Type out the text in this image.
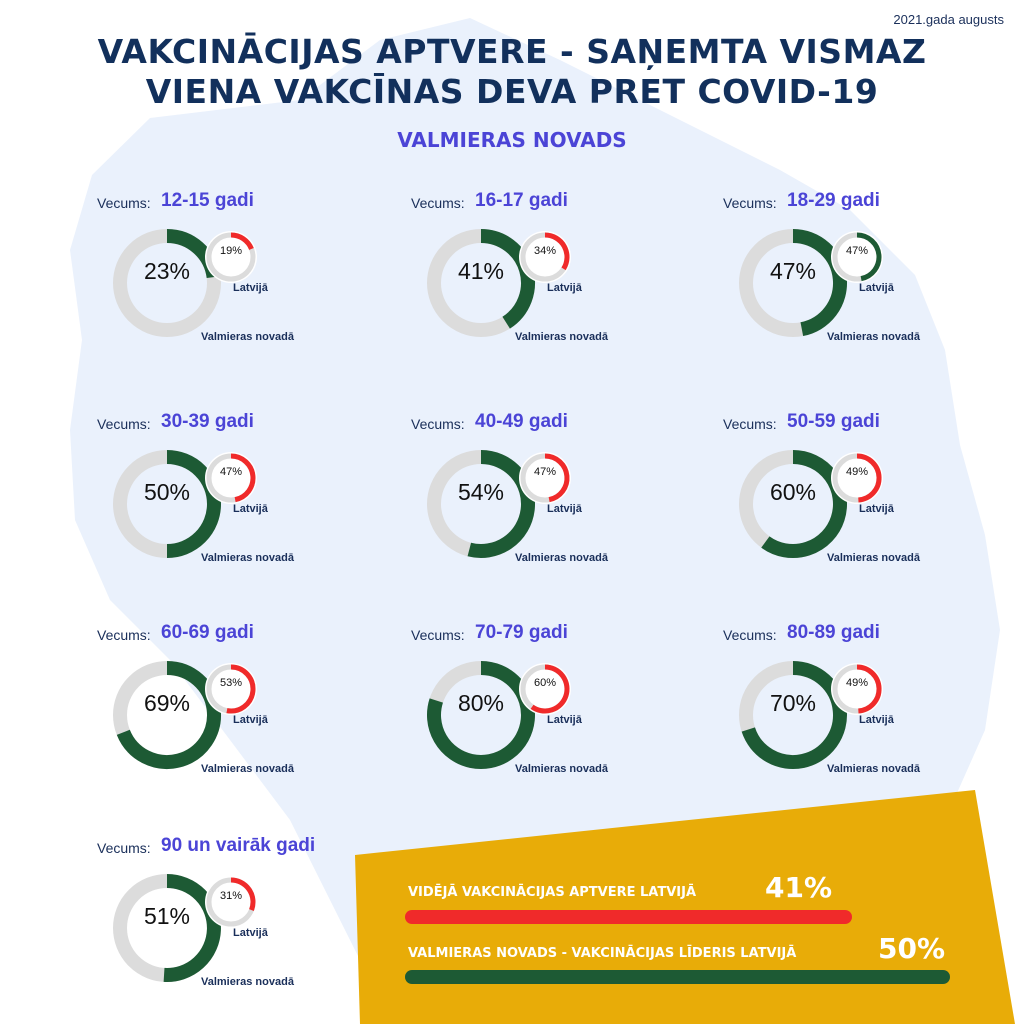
2021.gada augusts
VAKCINĀCIJAS APTVERE - SAŅEMTA VISMAZ
VIENA VAKCĪNAS DEVA PRET COVID-19
VALMIERAS NOVADS
Vecums: 12-15 gadi
23%
19%
Latvijā
Valmieras novadā
Vecums: 16-17 gadi
41%
34%
Latvijā
Valmieras novadā
Vecums: 18-29 gadi
47%
47%
Latvijā
Valmieras novadā
Vecums: 30-39 gadi
50%
47%
Latvijā
Valmieras novadā
Vecums: 40-49 gadi
54%
47%
Latvijā
Valmieras novadā
Vecums: 50-59 gadi
60%
49%
Latvijā
Valmieras novadā
Vecums: 60-69 gadi
69%
53%
Latvijā
Valmieras novadā
Vecums: 70-79 gadi
80%
60%
Latvijā
Valmieras novadā
Vecums: 80-89 gadi
70%
49%
Latvijā
Valmieras novadā
Vecums: 90 un vairāk gadi
51%
31%
Latvijā
Valmieras novadā
VIDĒJĀ VAKCINĀCIJAS APTVERE LATVIJĀ 41%
VALMIERAS NOVADS - VAKCINĀCIJAS LĪDERIS LATVIJĀ	50%
